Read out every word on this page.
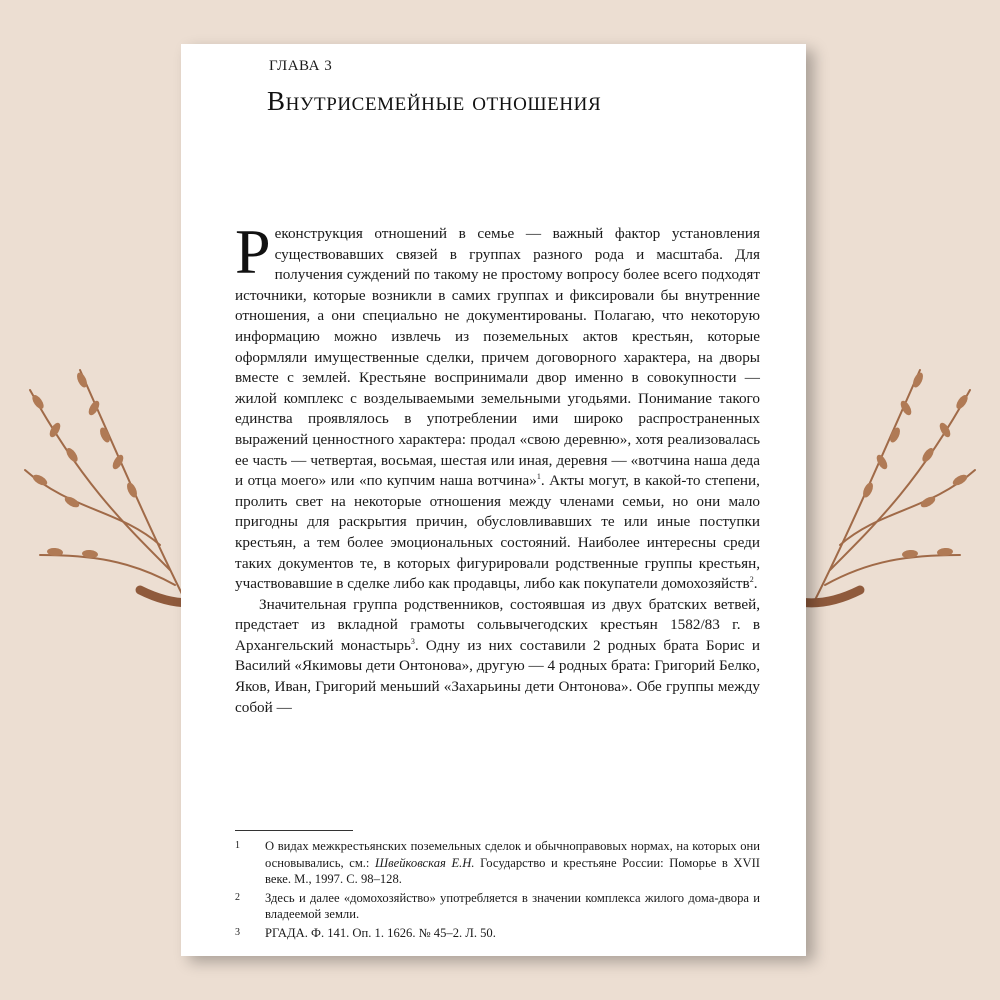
ГЛАВА 3
Внутрисемейные отношения

Реконструкция отношений в семье — важный фактор установления существовавших связей в группах разного рода и масштаба. Для получения суждений по такому не простому вопросу более всего подходят источники, которые возникли в самих группах и фиксировали бы внутренние отношения, а они специально не документированы. Полагаю, что некоторую информацию можно извлечь из поземельных актов крестьян, которые оформляли имущественные сделки, причем договорного характера, на дворы вместе с землей. Крестьяне воспринимали двор именно в совокупности — жилой комплекс с возделываемыми земельными угодьями. Понимание такого единства проявлялось в употреблении ими широко распространенных выражений ценностного характера: продал «свою деревню», хотя реализовалась ее часть — четвертая, восьмая, шестая или иная, деревня — «вотчина наша деда и отца моего» или «по купчим наша вотчина»$^1$. Акты могут, в какой-то степени, пролить свет на некоторые отношения между членами семьи, но они мало пригодны для раскрытия причин, обусловливавших те или иные поступки крестьян, а тем более эмоциональных состояний. Наиболее интересны среди таких документов те, в которых фигурировали родственные группы крестьян, участвовавшие в сделке либо как продавцы, либо как покупатели домохозяйств$^2$.

Значительная группа родственников, состоявшая из двух братских ветвей, предстает из вкладной грамоты сольвычегодских крестьян 1582/83 г. в Архангельский монастырь$^3$. Одну из них составили 2 родных брата Борис и Василий «Якимовы дети Онтонова», другую — 4 родных брата: Григорий Белко, Яков, Иван, Григорий меньший «Захарьины дети Онтонова». Обе группы между собой —

1	О видах межкрестьянских поземельных сделок и обычноправовых нормах, на которых они основывались, см.: Швейковская Е.Н. Государство и крестьяне России: Поморье в XVII веке. М., 1997. С. 98–128.
2	Здесь и далее «домохозяйство» употребляется в значении комплекса жилого дома-двора и владеемой земли.
3	РГАДА. Ф. 141. Оп. 1. 1626. № 45–2. Л. 50.
